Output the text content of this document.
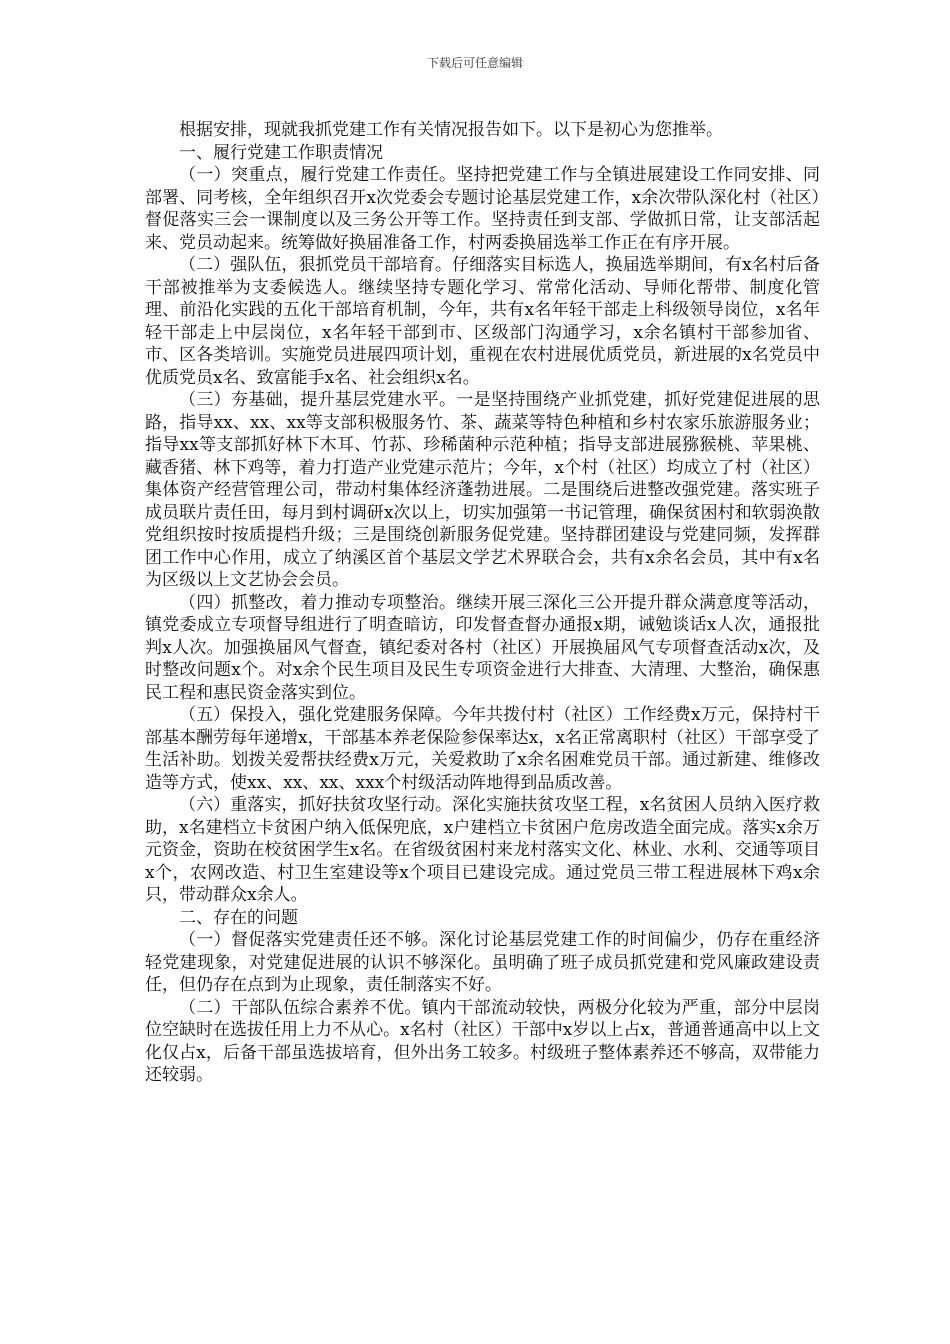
下载后可任意编辑

根据安排，现就我抓党建工作有关情况报告如下。以下是初心为您推举。

一、履行党建工作职责情况

（一）突重点，履行党建工作责任。坚持把党建工作与全镇进展建设工作同安排、同部署、同考核，全年组织召开x次党委会专题讨论基层党建工作，x余次带队深化村（社区）督促落实三会一课制度以及三务公开等工作。坚持责任到支部、学做抓日常，让支部活起来、党员动起来。统筹做好换届准备工作，村两委换届选举工作正在有序开展。

（二）强队伍，狠抓党员干部培育。仔细落实目标选人，换届选举期间，有x名村后备干部被推举为支委候选人。继续坚持专题化学习、常常化活动、导师化帮带、制度化管理、前沿化实践的五化干部培育机制，今年，共有x名年轻干部走上科级领导岗位，x名年轻干部走上中层岗位，x名年轻干部到市、区级部门沟通学习，x余名镇村干部参加省、市、区各类培训。实施党员进展四项计划，重视在农村进展优质党员，新进展的x名党员中优质党员x名、致富能手x名、社会组织x名。

（三）夯基础，提升基层党建水平。一是坚持围绕产业抓党建，抓好党建促进展的思路，指导xx、xx、xx等支部积极服务竹、茶、蔬菜等特色种植和乡村农家乐旅游服务业；指导xx等支部抓好林下木耳、竹荪、珍稀菌种示范种植；指导支部进展猕猴桃、苹果桃、藏香猪、林下鸡等，着力打造产业党建示范片；今年，x个村（社区）均成立了村（社区）集体资产经营管理公司，带动村集体经济蓬勃进展。二是围绕后进整改强党建。落实班子成员联片责任田，每月到村调研x次以上，切实加强第一书记管理，确保贫困村和软弱涣散党组织按时按质提档升级；三是围绕创新服务促党建。坚持群团建设与党建同频，发挥群团工作中心作用，成立了纳溪区首个基层文学艺术界联合会，共有x余名会员，其中有x名为区级以上文艺协会会员。

（四）抓整改，着力推动专项整治。继续开展三深化三公开提升群众满意度等活动，镇党委成立专项督导组进行了明查暗访，印发督查督办通报x期，诫勉谈话x人次，通报批判x人次。加强换届风气督查，镇纪委对各村（社区）开展换届风气专项督查活动x次，及时整改问题x个。对x余个民生项目及民生专项资金进行大排查、大清理、大整治，确保惠民工程和惠民资金落实到位。

（五）保投入，强化党建服务保障。今年共拨付村（社区）工作经费x万元，保持村干部基本酬劳每年递增x，干部基本养老保险参保率达x，x名正常离职村（社区）干部享受了生活补助。划拨关爱帮扶经费x万元，关爱救助了x余名困难党员干部。通过新建、维修改造等方式，使xx、xx、xx、xxx个村级活动阵地得到品质改善。

（六）重落实，抓好扶贫攻坚行动。深化实施扶贫攻坚工程，x名贫困人员纳入医疗救助，x名建档立卡贫困户纳入低保兜底，x户建档立卡贫困户危房改造全面完成。落实x余万元资金，资助在校贫困学生x名。在省级贫困村来龙村落实文化、林业、水利、交通等项目x个，农网改造、村卫生室建设等x个项目已建设完成。通过党员三带工程进展林下鸡x余只，带动群众x余人。

二、存在的问题

（一）督促落实党建责任还不够。深化讨论基层党建工作的时间偏少，仍存在重经济轻党建现象，对党建促进展的认识不够深化。虽明确了班子成员抓党建和党风廉政建设责任，但仍存在点到为止现象，责任制落实不好。

（二）干部队伍综合素养不优。镇内干部流动较快，两极分化较为严重，部分中层岗位空缺时在选拔任用上力不从心。x名村（社区）干部中x岁以上占x，普通普通高中以上文化仅占x，后备干部虽选拔培育，但外出务工较多。村级班子整体素养还不够高，双带能力还较弱。
